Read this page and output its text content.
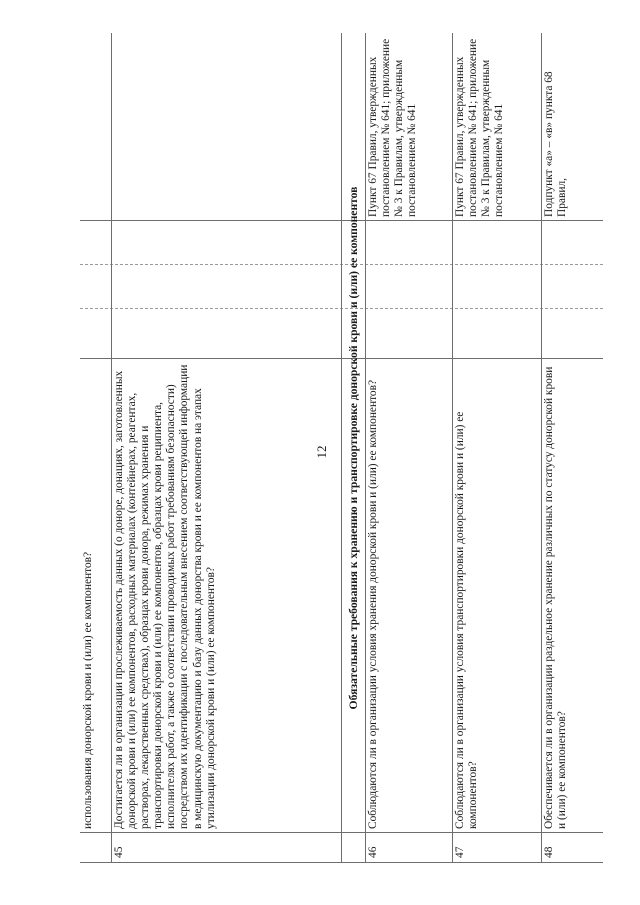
12
использования донорской крови и (или) ее компонентов?
45
Достигается ли в организации прослеживаемость данных (о доноре, донациях, заготовленных донорской крови и (или) ее компонентов, расходных материалах (контейнерах, реагентах, растворах, лекарственных средствах), образцах крови донора, режимах хранения и транспортировки донорской крови и (или) ее компонентов, образцах крови реципиента, исполнителях работ, а также о соответствии проводимых работ требованиям безопасности) посредством их идентификации с последовательным внесением соответствующей информации в медицинскую документацию и базу данных донорства крови и ее компонентов на этапах утилизации донорской крови и (или) ее компонентов?	Обязательные требования к хранению и транспортировке донорской крови и (или) ее компонентов
46
Соблюдаются ли в организации условия хранения донорской крови и (или) ее компонентов?
Пункт 67 Правил, утвержденных постановлением № 641; приложение № 3 к Правилам, утвержденным постановлением № 641
47
Соблюдаются ли в организации условия транспортировки донорской крови и (или) ее компонентов?
Пункт 67 Правил, утвержденных постановлением № 641; приложение № 3 к Правилам, утвержденным постановлением № 641
48
Обеспечивается ли в организации раздельное хранение различных по статусу донорской крови и (или) ее компонентов?
Подпункт «а» – «в» пункта 68 Правил,
